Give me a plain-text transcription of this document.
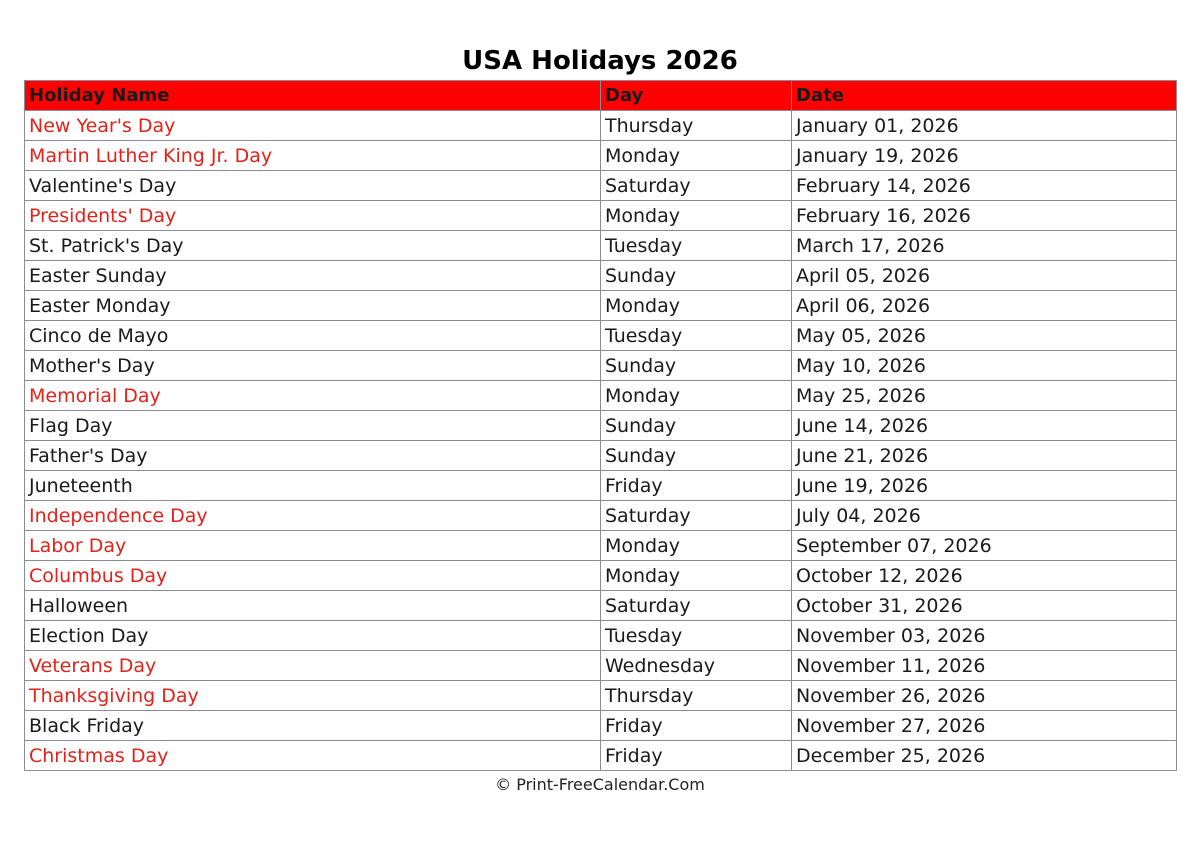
USA Holidays 2026
Holiday Name	Day	Date
New Year's Day	Thursday	January 01, 2026
Martin Luther King Jr. Day	Monday	January 19, 2026
Valentine's Day	Saturday	February 14, 2026
Presidents' Day	Monday	February 16, 2026
St. Patrick's Day	Tuesday	March 17, 2026
Easter Sunday	Sunday	April 05, 2026
Easter Monday	Monday	April 06, 2026
Cinco de Mayo	Tuesday	May 05, 2026
Mother's Day	Sunday	May 10, 2026
Memorial Day	Monday	May 25, 2026
Flag Day	Sunday	June 14, 2026
Father's Day	Sunday	June 21, 2026
Juneteenth	Friday	June 19, 2026
Independence Day	Saturday	July 04, 2026
Labor Day	Monday	September 07, 2026
Columbus Day	Monday	October 12, 2026
Halloween	Saturday	October 31, 2026
Election Day	Tuesday	November 03, 2026
Veterans Day	Wednesday	November 11, 2026
Thanksgiving Day	Thursday	November 26, 2026
Black Friday	Friday	November 27, 2026
Christmas Day	Friday	December 25, 2026
© Print-FreeCalendar.Com
